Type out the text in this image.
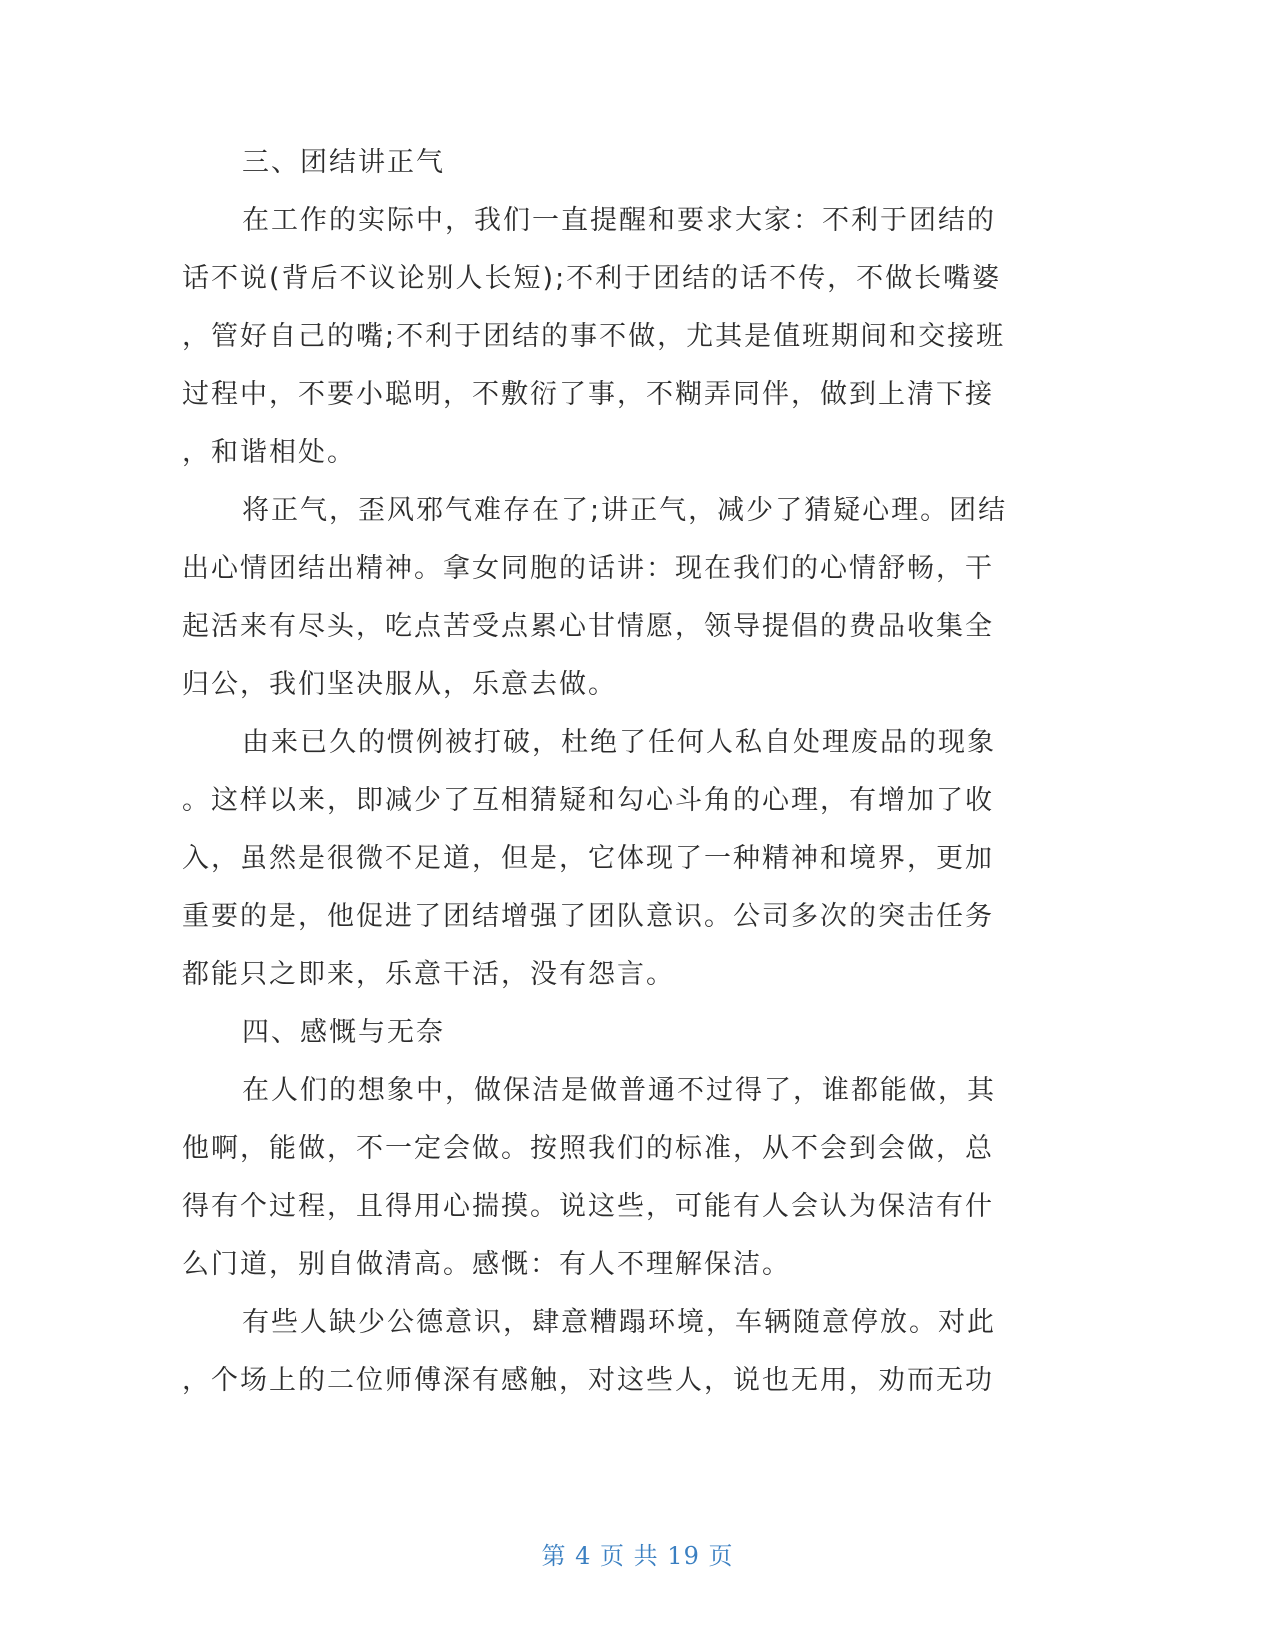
三、团结讲正气
在工作的实际中，我们一直提醒和要求大家：不利于团结的
话不说(背后不议论别人长短);不利于团结的话不传，不做长嘴婆
，管好自己的嘴;不利于团结的事不做，尤其是值班期间和交接班
过程中，不要小聪明，不敷衍了事，不糊弄同伴，做到上清下接
，和谐相处。
将正气，歪风邪气难存在了;讲正气，减少了猜疑心理。团结
出心情团结出精神。拿女同胞的话讲：现在我们的心情舒畅，干
起活来有尽头，吃点苦受点累心甘情愿，领导提倡的费品收集全
归公，我们坚决服从，乐意去做。
由来已久的惯例被打破，杜绝了任何人私自处理废品的现象
。这样以来，即减少了互相猜疑和勾心斗角的心理，有增加了收
入，虽然是很微不足道，但是，它体现了一种精神和境界，更加
重要的是，他促进了团结增强了团队意识。公司多次的突击任务
都能只之即来，乐意干活，没有怨言。
四、感慨与无奈
在人们的想象中，做保洁是做普通不过得了，谁都能做，其
他啊，能做，不一定会做。按照我们的标准，从不会到会做，总
得有个过程，且得用心揣摸。说这些，可能有人会认为保洁有什
么门道，别自做清高。感慨：有人不理解保洁。
有些人缺少公德意识，肆意糟蹋环境，车辆随意停放。对此
，个场上的二位师傅深有感触，对这些人，说也无用，劝而无功
第 4 页 共 19 页
